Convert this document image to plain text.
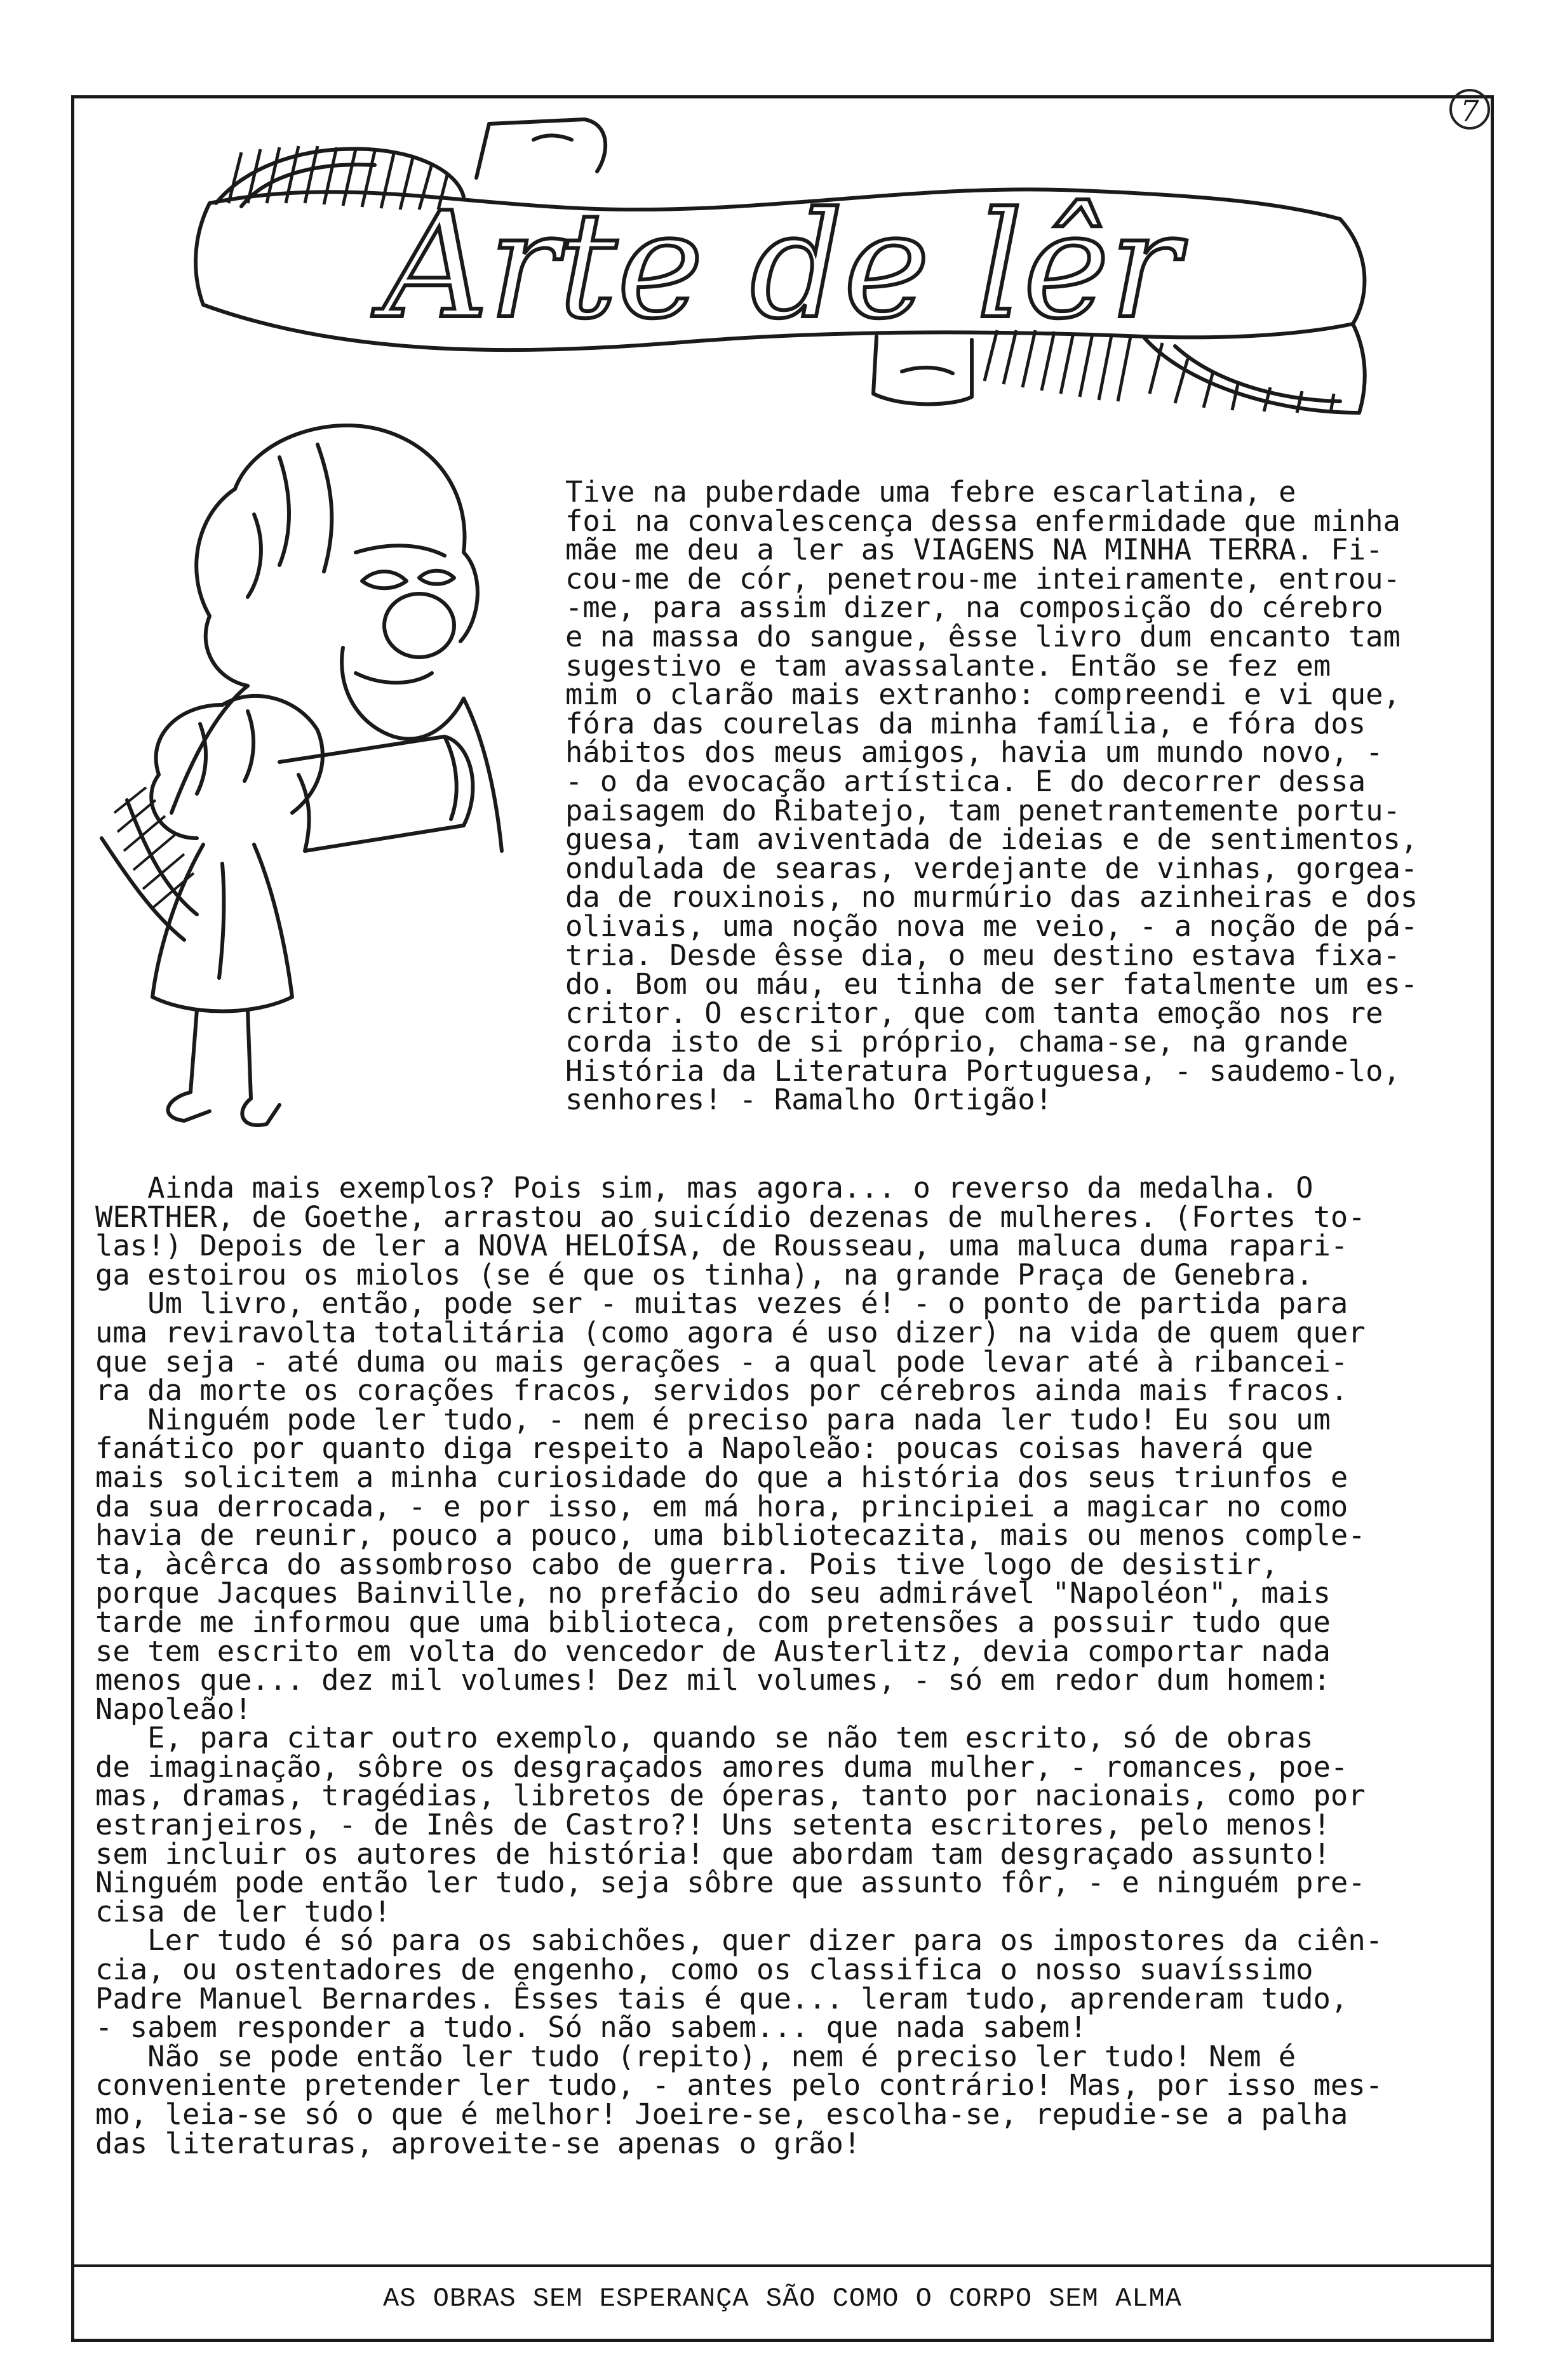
7
Arte de lêr
Tive na puberdade uma febre escarlatina, e
foi na convalescença dessa enfermidade que minha
mãe me deu a ler as VIAGENS NA MINHA TERRA. Fi-
cou-me de cór, penetrou-me inteiramente, entrou-
-me, para assim dizer, na composição do cérebro
e na massa do sangue, êsse livro dum encanto tam
sugestivo e tam avassalante. Então se fez em
mim o clarão mais extranho: compreendi e vi que,
fóra das courelas da minha família, e fóra dos
hábitos dos meus amigos, havia um mundo novo, -
- o da evocação artística. E do decorrer dessa
paisagem do Ribatejo, tam penetrantemente portu-
guesa, tam aviventada de ideias e de sentimentos,
ondulada de searas, verdejante de vinhas, gorgea-
da de rouxinois, no murmúrio das azinheiras e dos
olivais, uma noção nova me veio, - a noção de pá-
tria. Desde êsse dia, o meu destino estava fixa-
do. Bom ou máu, eu tinha de ser fatalmente um es-
critor. O escritor, que com tanta emoção nos re
corda isto de si próprio, chama-se, na grande
História da Literatura Portuguesa, - saudemo-lo,
senhores! - Ramalho Ortigão!
Ainda mais exemplos? Pois sim, mas agora... o reverso da medalha. O
WERTHER, de Goethe, arrastou ao suicídio dezenas de mulheres. (Fortes to-
las!) Depois de ler a NOVA HELOÍSA, de Rousseau, uma maluca duma rapari-
ga estoirou os miolos (se é que os tinha), na grande Praça de Genebra.
Um livro, então, pode ser - muitas vezes é! - o ponto de partida para
uma reviravolta totalitária (como agora é uso dizer) na vida de quem quer
que seja - até duma ou mais gerações - a qual pode levar até à ribancei-
ra da morte os corações fracos, servidos por cérebros ainda mais fracos.
Ninguém pode ler tudo, - nem é preciso para nada ler tudo! Eu sou um
fanático por quanto diga respeito a Napoleão: poucas coisas haverá que
mais solicitem a minha curiosidade do que a história dos seus triunfos e
da sua derrocada, - e por isso, em má hora, principiei a magicar no como
havia de reunir, pouco a pouco, uma bibliotecazita, mais ou menos comple-
ta, àcêrca do assombroso cabo de guerra. Pois tive logo de desistir,
porque Jacques Bainville, no prefácio do seu admirável "Napoléon", mais
tarde me informou que uma biblioteca, com pretensões a possuir tudo que
se tem escrito em volta do vencedor de Austerlitz, devia comportar nada
menos que... dez mil volumes! Dez mil volumes, - só em redor dum homem:
Napoleão!
E, para citar outro exemplo, quando se não tem escrito, só de obras
de imaginação, sôbre os desgraçados amores duma mulher, - romances, poe-
mas, dramas, tragédias, libretos de óperas, tanto por nacionais, como por
estranjeiros, - de Inês de Castro?! Uns setenta escritores, pelo menos!
sem incluir os autores de história! que abordam tam desgraçado assunto!
Ninguém pode então ler tudo, seja sôbre que assunto fôr, - e ninguém pre-
cisa de ler tudo!
Ler tudo é só para os sabichões, quer dizer para os impostores da ciên-
cia, ou ostentadores de engenho, como os classifica o nosso suavíssimo
Padre Manuel Bernardes. Êsses tais é que... leram tudo, aprenderam tudo,
- sabem responder a tudo. Só não sabem... que nada sabem!
Não se pode então ler tudo (repito), nem é preciso ler tudo! Nem é
conveniente pretender ler tudo, - antes pelo contrário! Mas, por isso mes-
mo, leia-se só o que é melhor! Joeire-se, escolha-se, repudie-se a palha
das literaturas, aproveite-se apenas o grão!
AS OBRAS SEM ESPERANÇA SÃO COMO O CORPO SEM ALMA
